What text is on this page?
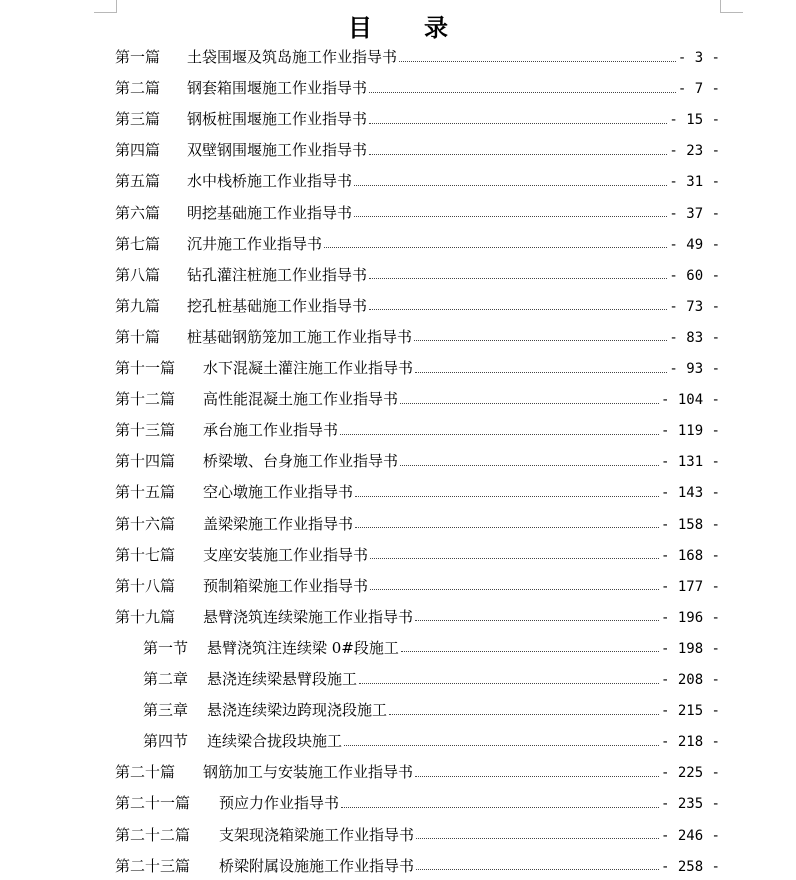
目 录
第一篇	土袋围堰及筑岛施工作业指导书	- 3 -
第二篇	钢套箱围堰施工作业指导书	- 7 -
第三篇	钢板桩围堰施工作业指导书	- 15 -
第四篇	双壁钢围堰施工作业指导书	- 23 -
第五篇	水中栈桥施工作业指导书	- 31 -
第六篇	明挖基础施工作业指导书	- 37 -
第七篇	沉井施工作业指导书	- 49 -
第八篇	钻孔灌注桩施工作业指导书	- 60 -
第九篇	挖孔桩基础施工作业指导书	- 73 -
第十篇	桩基础钢筋笼加工施工作业指导书	- 83 -
第十一篇	水下混凝土灌注施工作业指导书	- 93 -
第十二篇	高性能混凝土施工作业指导书	- 104 -
第十三篇	承台施工作业指导书	- 119 -
第十四篇	桥梁墩、台身施工作业指导书	- 131 -
第十五篇	空心墩施工作业指导书	- 143 -
第十六篇	盖梁梁施工作业指导书	- 158 -
第十七篇	支座安装施工作业指导书	- 168 -
第十八篇	预制箱梁施工作业指导书	- 177 -
第十九篇	悬臂浇筑连续梁施工作业指导书	- 196 -
第一节	悬臂浇筑注连续梁 0#段施工	- 198 -
第二章	悬浇连续梁悬臂段施工	- 208 -
第三章	悬浇连续梁边跨现浇段施工	- 215 -
第四节	连续梁合拢段块施工	- 218 -
第二十篇	钢筋加工与安装施工作业指导书	- 225 -
第二十一篇	预应力作业指导书	- 235 -
第二十二篇	支架现浇箱梁施工作业指导书	- 246 -
第二十三篇	桥梁附属设施施工作业指导书	- 258 -
